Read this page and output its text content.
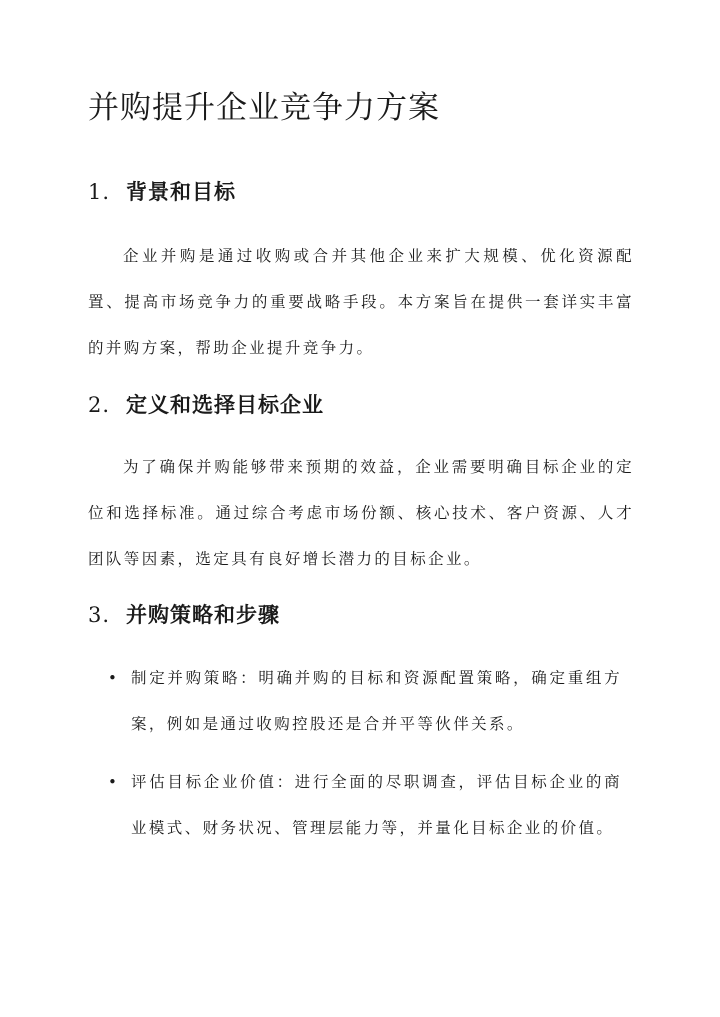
并购提升企业竞争力方案
1. 背景和目标

企业并购是通过收购或合并其他企业来扩大规模、优化资源配置、提高市场竞争力的重要战略手段。本方案旨在提供一套详实丰富的并购方案，帮助企业提升竞争力。

2. 定义和选择目标企业

为了确保并购能够带来预期的效益，企业需要明确目标企业的定位和选择标准。通过综合考虑市场份额、核心技术、客户资源、人才团队等因素，选定具有良好增长潜力的目标企业。

3. 并购策略和步骤
• 制定并购策略：明确并购的目标和资源配置策略，确定重组方案，例如是通过收购控股还是合并平等伙伴关系。
• 评估目标企业价值：进行全面的尽职调查，评估目标企业的商业模式、财务状况、管理层能力等，并量化目标企业的价值。
